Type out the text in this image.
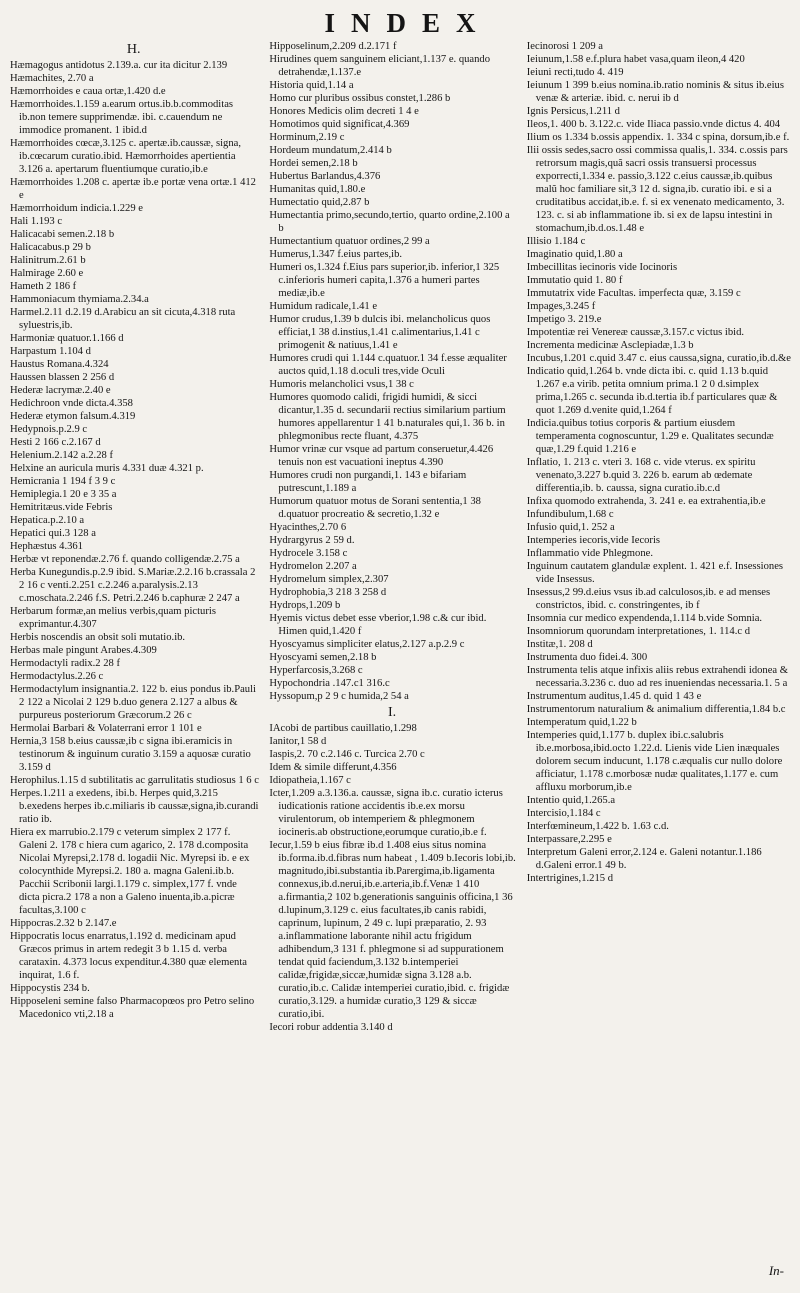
INDEX
H.

Hæmagogus antidotus 2.139.a. cur ita dicitur 2.139

Hæmachites, 2.70 a

Hæmorrhoides e caua ortæ,1.420 d.e

Hæmorrhoides.1.159 a.earum ortus.ib.b.commoditas ib.non temere supprimendæ. ibi. c.cauendum ne immodice promanent. 1 ibid.d

Hæmorrhoides cœcæ,3.125 c. apertæ.ib.caussæ, signa, ib.cœcarum curatio.ibid. Hæmorrhoides apertientia 3.126 a. apertarum fluentiumque curatio,ib.e

Hæmorrhoides 1.208 c. apertæ ib.e portæ vena ortæ.1 412 e

Hæmorrhoidum indicia.1.229 e

Hali 1.193 c

Halicacabi semen.2.18 b

Halicacabus.p 29 b

Halinitrum.2.61 b

Halmirage 2.60 e

Hameth 2 186 f

Hammoniacum thymiama.2.34.a

Harmel.2.11 d.2.19 d.Arabicu an sit cicuta,4.318 ruta syluestris,ib.

Harmoniæ quatuor.1.166 d

Harpastum 1.104 d

Haustus Romana.4.324

Haussen blassen 2 256 d

Hederæ lacrymæ.2.40 e

Hedichroon vnde dicta.4.358

Hederæ etymon falsum.4.319

Hedypnois.p.2.9 c

Hesti 2 166 c.2.167 d

Helenium.2.142 a.2.28 f

Helxine an auricula muris 4.331 duæ 4.321 p.

Hemicrania 1 194 f 3 9 c

Hemiplegia.1 20 e 3 35 a

Hemitritæus.vide Febris

Hepatica.p.2.10 a

Hepatici qui.3 128 a

Hephæstus 4.361

Herbæ vt reponendæ.2.76 f. quando colligendæ.2.75 a

Herba Kunegundis.p.2.9 ibid. S.Mariæ.2.2.16 b.crassala 2 2 16 c venti.2.251 c.2.246 a.paralysis.2.13 c.moschata.2.246 f.S. Petri.2.246 b.caphuræ 2 247 a

Herbarum formæ,an melius verbis,quam picturis exprimantur.4.307

Herbis noscendis an obsit soli mutatio.ib.

Herbas male pingunt Arabes.4.309

Hermodactyli radix.2 28 f

Hermodactylus.2.26 c

Hermodactylum insignantia.2. 122 b. eius pondus ib.Pauli 2 122 a Nicolai 2 129 b.duo genera 2.127 a albus & purpureus posteriorum Græcorum.2 26 c

Hermolai Barbari & Volaterrani error 1 101 e

Hernia,3 158 b.eius caussæ,ib c signa ibi.eramicis in testinorum & inguinum curatio 3.159 a aquosæ curatio 3.159 d

Herophilus.1.15 d subtilitatis ac garrulitatis studiosus 1 6 c

Herpes.1.211 a exedens, ibi.b. Herpes quid,3.215 b.exedens herpes ib.c.miliaris ib caussæ,signa,ib.curandi ratio ib.

Hiera ex marrubio.2.179 c veterum simplex 2 177 f. Galeni 2. 178 c hiera cum agarico, 2. 178 d.composita Nicolai Myrepsi,2.178 d. logadii Nic. Myrepsi ib. e ex colocynthide Myrepsi.2. 180 a. magna Galeni.ib.b. Pacchii Scribonii largi.1.179 c. simplex,177 f. vnde dicta picra.2 178 a non a Galeno inuenta,ib.a.picræ facultas,3.100 c

Hippocras.2.32 b 2.147.e

Hippocratis locus enarratus,1.192 d. medicinam apud Græcos primus in artem redegit 3 b 1.15 d. verba carataxin. 4.373 locus expenditur.4.380 quæ elementa inquirat, 1.6 f.

Hippocystis 234 b.

Hipposeleni semine falso Pharmacopœos pro Petro selino Macedonico vti,2.18 a

Hipposelinum,2.209 d.2.171 f

Hirudines quem sanguinem eliciant,1.137 e. quando detrahendæ,1.137.e

Historia quid,1.14 a

Homo cur pluribus ossibus constet,1.286 b

Honores Medicis olim decreti 1 4 e

Homotimos quid significat,4.369

Horminum,2.19 c

Hordeum mundatum,2.414 b

Hordei semen,2.18 b

Hubertus Barlandus,4.376

Humanitas quid,1.80.e

Humectatio quid,2.87 b

Humectantia primo,secundo,tertio, quarto ordine,2.100 a b

Humectantium quatuor ordines,2 99 a

Humerus,1.347 f.eius partes,ib.

Humeri os,1.324 f.Eius pars superior,ib. inferior,1 325 c.inferioris humeri capita,1.376 a humeri partes mediæ,ib.e

Humidum radicale,1.41 e

Humor crudus,1.39 b dulcis ibi. melancholicus quos efficiat,1 38 d.instius,1.41 c.alimentarius,1.41 c primogenit & natiuus,1.41 e

Humores crudi qui 1.144 c.quatuor.1 34 f.esse æqualiter auctos quid,1.18 d.oculi tres,vide Oculi

Humoris melancholici vsus,1 38 c

Humores quomodo calidi, frigidi humidi, & sicci dicantur,1.35 d. secundarii rectius similarium partium humores appellarentur 1 41 b.naturales qui,1. 36 b. in phlegmonibus recte fluant, 4.375

Humor vrinæ cur vsque ad partum conseruetur,4.426 tenuis non est vacuationi ineptus 4.390

Humores crudi non purgandi,1. 143 e bifariam putrescunt,1.189 a

Humorum quatuor motus de Sorani sententia,1 38 d.quatuor procreatio & secretio,1.32 e

Hyacinthes,2.70 6

Hydrargyrus 2 59 d.

Hydrocele 3.158 c

Hydromelon 2.207 a

Hydromelum simplex,2.307

Hydrophobia,3 218 3 258 d

Hydrops,1.209 b

Hyemis victus debet esse vberior,1.98 c.& cur ibid. Himen quid,1.420 f

Hyoscyamus simpliciter elatus,2.127 a.p.2.9 c

Hyoscyami semen,2.18 b

Hyperfarcosis,3.268 c

Hypochondria .147.c1 316.c

Hyssopum,p 2 9 c humida,2 54 a

I.

IAcobi de partibus cauillatio,1.298

Ianitor,1 58 d

Iaspis,2. 70 c.2.146 c. Turcica 2.70 c

Idem & simile differunt,4.356

Idiopatheia,1.167 c

Icter,1.209 a.3.136.a. caussæ, signa ib.c. curatio icterus iudicationis ratione accidentis ib.e.ex morsu virulentorum, ob intemperiem & phlegmonem iocineris.ab obstructione,eorumque curatio,ib.e f.

Iecur,1.59 b eius fibræ ib.d 1.408 eius situs nomina ib.forma.ib.d.fibras num habeat , 1.409 b.Iecoris lobi,ib. magnitudo,ibi.substantia ib.Parergima,ib.ligamenta connexus,ib.d.nerui,ib.e.arteria,ib.f.Venæ 1 410 a.firmantia,2 102 b.generationis sanguinis officina,1 36 d.lupinum,3.129 c. eius facultates,ib canis rabidi, caprinum, lupinum, 2 49 c. lupi præparatio, 2. 93 a.inflammatione laborante nihil actu frigidum adhibendum,3 131 f. phlegmone si ad suppurationem tendat quid faciendum,3.132 b.intemperiei calidæ,frigidæ,siccæ,humidæ signa 3.128 a.b. curatio,ib.c. Calidæ intemperiei curatio,ibid. c. frigidæ curatio,3.129. a humidæ curatio,3 129 & siccæ curatio,ibi.

Iecori robur addentia 3.140 d

Iecinorosi 1 209 a

Ieiunum,1.58 e.f.plura habet vasa,quam ileon,4 420

Ieiuni recti,tudo 4. 419

Ieiunum 1 399 b.eius nomina.ib.ratio nominis & situs ib.eius venæ & arteriæ. ibid. c. nerui ib d

Ignis Persicus,1.211 d

Ileos,1. 400 b. 3.122.c. vide Iliaca passio.vnde dictus 4. 404

Ilium os 1.334 b.ossis appendix. 1. 334 c spina, dorsum,ib.e f.

Ilii ossis sedes,sacro ossi commissa qualis,1. 334. c.ossis pars retrorsum magis,quã sacri ossis transuersi processus exporrecti,1.334 e. passio,3.122 c.eius caussæ,ib.quibus malũ hoc familiare sit,3 12 d. signa,ib. curatio ibi. e si a cruditatibus accidat,ib.e. f. si ex venenato medicamento, 3. 123. c. si ab inflammatione ib. si ex de lapsu intestini in stomachum,ib.d.os.1.48 e

Illisio 1.184 c

Imaginatio quid,1.80 a

Imbecillitas iecinoris vide Iocinoris

Immutatio quid 1. 80 f

Immutatrix vide Facultas. imperfecta quæ, 3.159 c

Impages,3.245 f

Impetigo 3. 219.e

Impotentiæ rei Venereæ caussæ,3.157.c victus ibid.

Incrementa medicinæ Asclepiadæ,1.3 b

Incubus,1.201 c.quid 3.47 c. eius caussa,signa, curatio,ib.d.&e

Indicatio quid,1.264 b. vnde dicta ibi. c. quid 1.13 b.quid 1.267 e.a virib. petita omnium prima.1 2 0 d.simplex prima,1.265 c. secunda ib.d.tertia ib.f particulares quæ & quot 1.269 d.venite quid,1.264 f

Indicia.quibus totius corporis & partium eiusdem temperamenta cognoscuntur, 1.29 e. Qualitates secundæ quæ,1.29 f.quid 1.216 e

Inflatio, 1. 213 c. vteri 3. 168 c. vide vterus. ex spiritu venenato,3.227 b.quid 3. 226 b. earum ab œdemate differentia,ib. b. caussa, signa curatio.ib.c.d

Infixa quomodo extrahenda, 3. 241 e. ea extrahentia,ib.e

Infundibulum,1.68 c

Infusio quid,1. 252 a

Intemperies iecoris,vide Iecoris

Inflammatio vide Phlegmone.

Inguinum cautatem glandulæ explent. 1. 421 e.f. Insessiones vide Insessus.

Insessus,2 99.d.eius vsus ib.ad calculosos,ib. e ad menses constrictos, ibid. c. constringentes, ib f

Insomnia cur medico expendenda,1.114 b.vide Somnia.

Insomniorum quorundam interpretationes, 1. 114.c d

Institæ,1. 208 d

Instrumenta duo fidei.4. 300

Instrumenta telis atque infixis aliis rebus extrahendi idonea & necessaria.3.236 c. duo ad res inueniendas necessaria.1. 5 a

Instrumentum auditus,1.45 d. quid 1 43 e

Instrumentorum naturalium & animalium differentia,1.84 b.c

Intemperatum quid,1.22 b

Intemperies quid,1.177 b. duplex ibi.c.salubris ib.e.morbosa,ibid.octo 1.22.d. Lienis vide Lien inæquales dolorem secum inducunt, 1.178 c.æqualis cur nullo dolore afficiatur, 1.178 c.morbosæ nudæ qualitates,1.177 e. cum affluxu morborum,ib.e

Intentio quid,1.265.a

Intercisio,1.184 c

Interfœmineum,1.422 b. 1.63 c.d.

Interpassare,2.295 e

Interpretum Galeni error,2.124 e. Galeni notantur.1.186 d.Galeni error.1 49 b.

Intertrigines,1.215 d

In-
